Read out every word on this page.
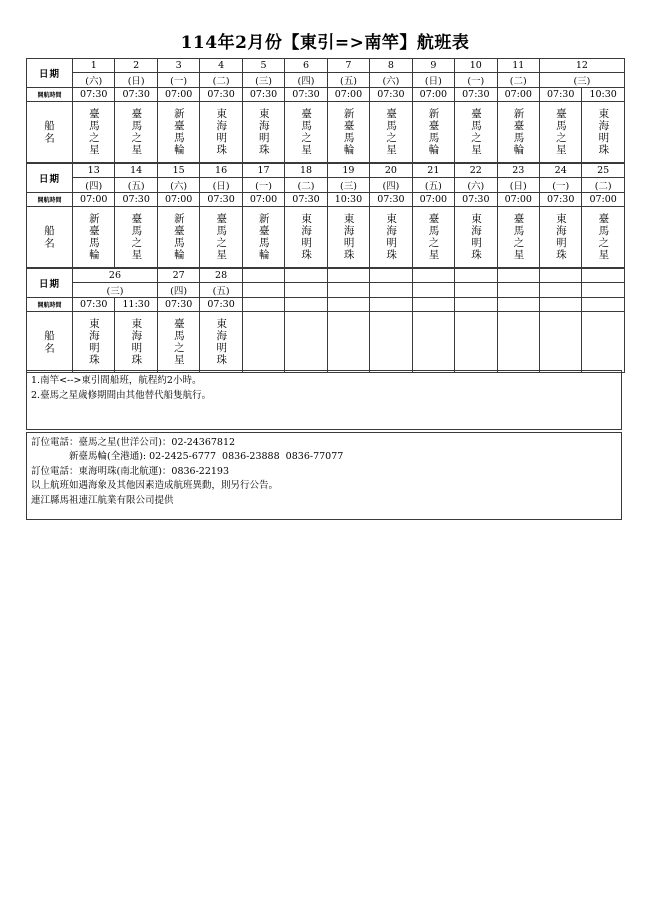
114年2月份【東引=>南竿】航班表
日期	1	2	3	4	5	6	7	8	9	10	11	12	
	(六)	(日)	(一)	(二)	(三)	(四)	(五)	(六)	(日)	(一)	(二)	(三)	
開航時間	07:30	07:30	07:00	07:30	07:30	07:30	07:00	07:30	07:00	07:30	07:00	07:30	10:30

船名	臺馬之星	臺馬之星	新臺馬輪	東海明珠	東海明珠	臺馬之星	新臺馬輪	臺馬之星	新臺馬輪	臺馬之星	新臺馬輪	臺馬之星	東海明珠
日期	13	14	15	16	17	18	19	20	21	22	23	24	25
	(四)	(五)	(六)	(日)	(一)	(二)	(三)	(四)	(五)	(六)	(日)	(一)	(二)
開航時間	07:00	07:30	07:00	07:30	07:00	07:30	10:30	07:30	07:00	07:30	07:00	07:30	07:00

船名	新臺馬輪	臺馬之星	新臺馬輪	臺馬之星	新臺馬輪	東海明珠	東海明珠	東海明珠	臺馬之星	東海明珠	臺馬之星	東海明珠	臺馬之星
日期	26		27	28									
	(三)		(四)	(五)									
開航時間	07:30	11:30	07:30	07:30									

船名	東海明珠	東海明珠	臺馬之星	東海明珠									

1.南竿<-->東引間船班，航程約2小時。
2.臺馬之星歲修期間由其他替代船隻航行。
訂位電話：臺馬之星(世洋公司)：02-24367812
新臺馬輪(全港通): 02-2425-6777  0836-23888  0836-77077
訂位電話：東海明珠(南北航運)：0836-22193
以上航班如遇海象及其他因素造成航班異動，則另行公告。
連江縣馬祖連江航業有限公司提供
